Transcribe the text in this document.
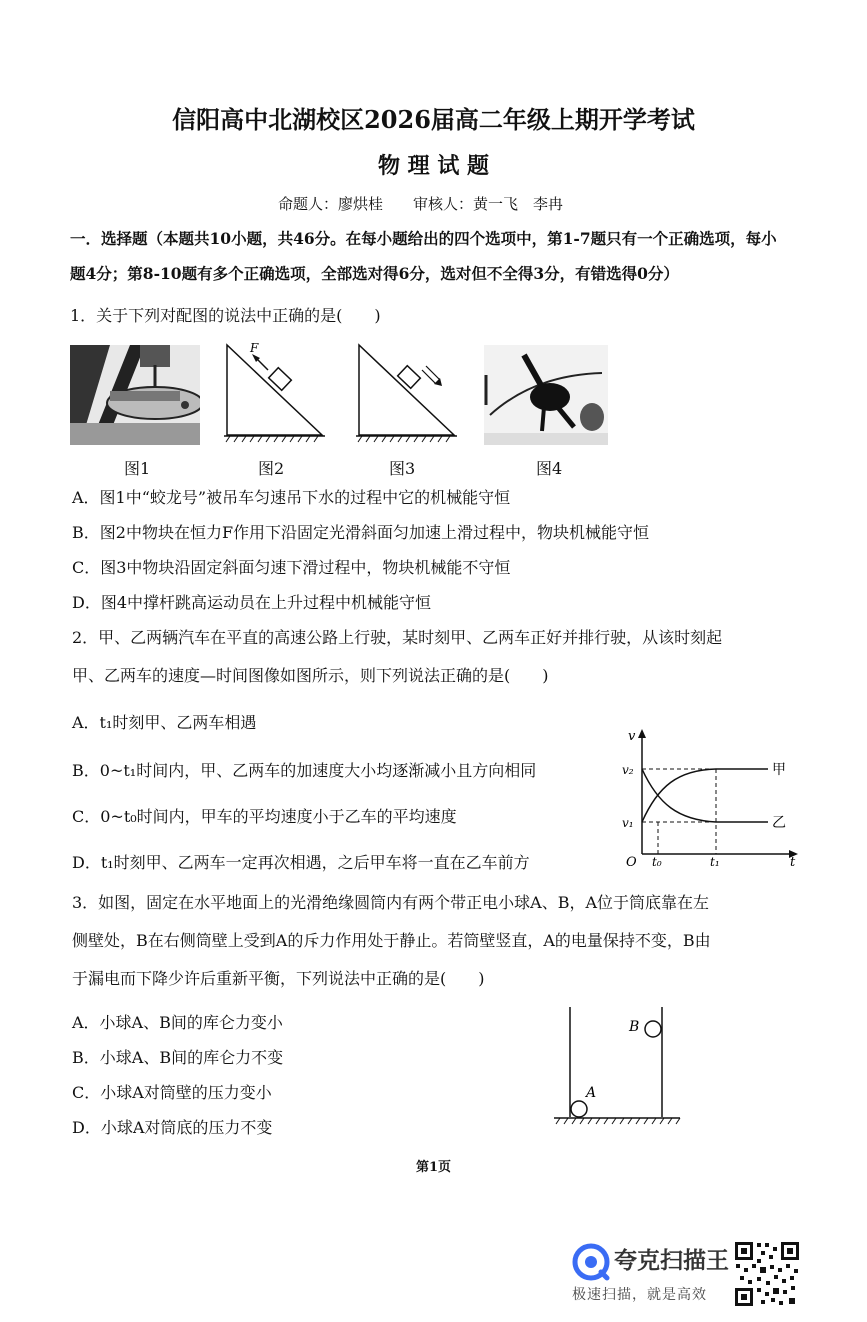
信阳高中北湖校区2026届高二年级上期开学考试
物 理 试 题
命题人：廖烘桂　　审核人：黄一飞　李冉
一．选择题（本题共10小题，共46分。在每小题给出的四个选项中，第1-7题只有一个正确选项，每小
题4分；第8-10题有多个正确选项，全部选对得6分，选对但不全得3分，有错选得0分）
1．关于下列对配图的说法中正确的是(　　)
图1
F
图2	图3	图4
A．图1中“蛟龙号”被吊车匀速吊下水的过程中它的机械能守恒
B．图2中物块在恒力F作用下沿固定光滑斜面匀加速上滑过程中，物块机械能守恒
C．图3中物块沿固定斜面匀速下滑过程中，物块机械能不守恒
D．图4中撑杆跳高运动员在上升过程中机械能守恒
2．甲、乙两辆汽车在平直的高速公路上行驶，某时刻甲、乙两车正好并排行驶，从该时刻起
甲、乙两车的速度—时间图像如图所示，则下列说法正确的是(　　)
A．t₁时刻甲、乙两车相遇
B．0~t₁时间内，甲、乙两车的加速度大小均逐渐减小且方向相同
C．0~t₀时间内，甲车的平均速度小于乙车的平均速度
D．t₁时刻甲、乙两车一定再次相遇，之后甲车将一直在乙车前方
v
t
O
v₂
v₁
t₀	t₁
甲
乙
3．如图，固定在水平地面上的光滑绝缘圆筒内有两个带正电小球A、B，A位于筒底靠在左
侧壁处，B在右侧筒壁上受到A的斥力作用处于静止。若筒壁竖直，A的电量保持不变，B由
于漏电而下降少许后重新平衡，下列说法中正确的是(　　)
A．小球A、B间的库仑力变小
B．小球A、B间的库仑力不变
C．小球A对筒壁的压力变小
D．小球A对筒底的压力不变
A
B
第1页
夸克扫描王
极速扫描，就是高效
